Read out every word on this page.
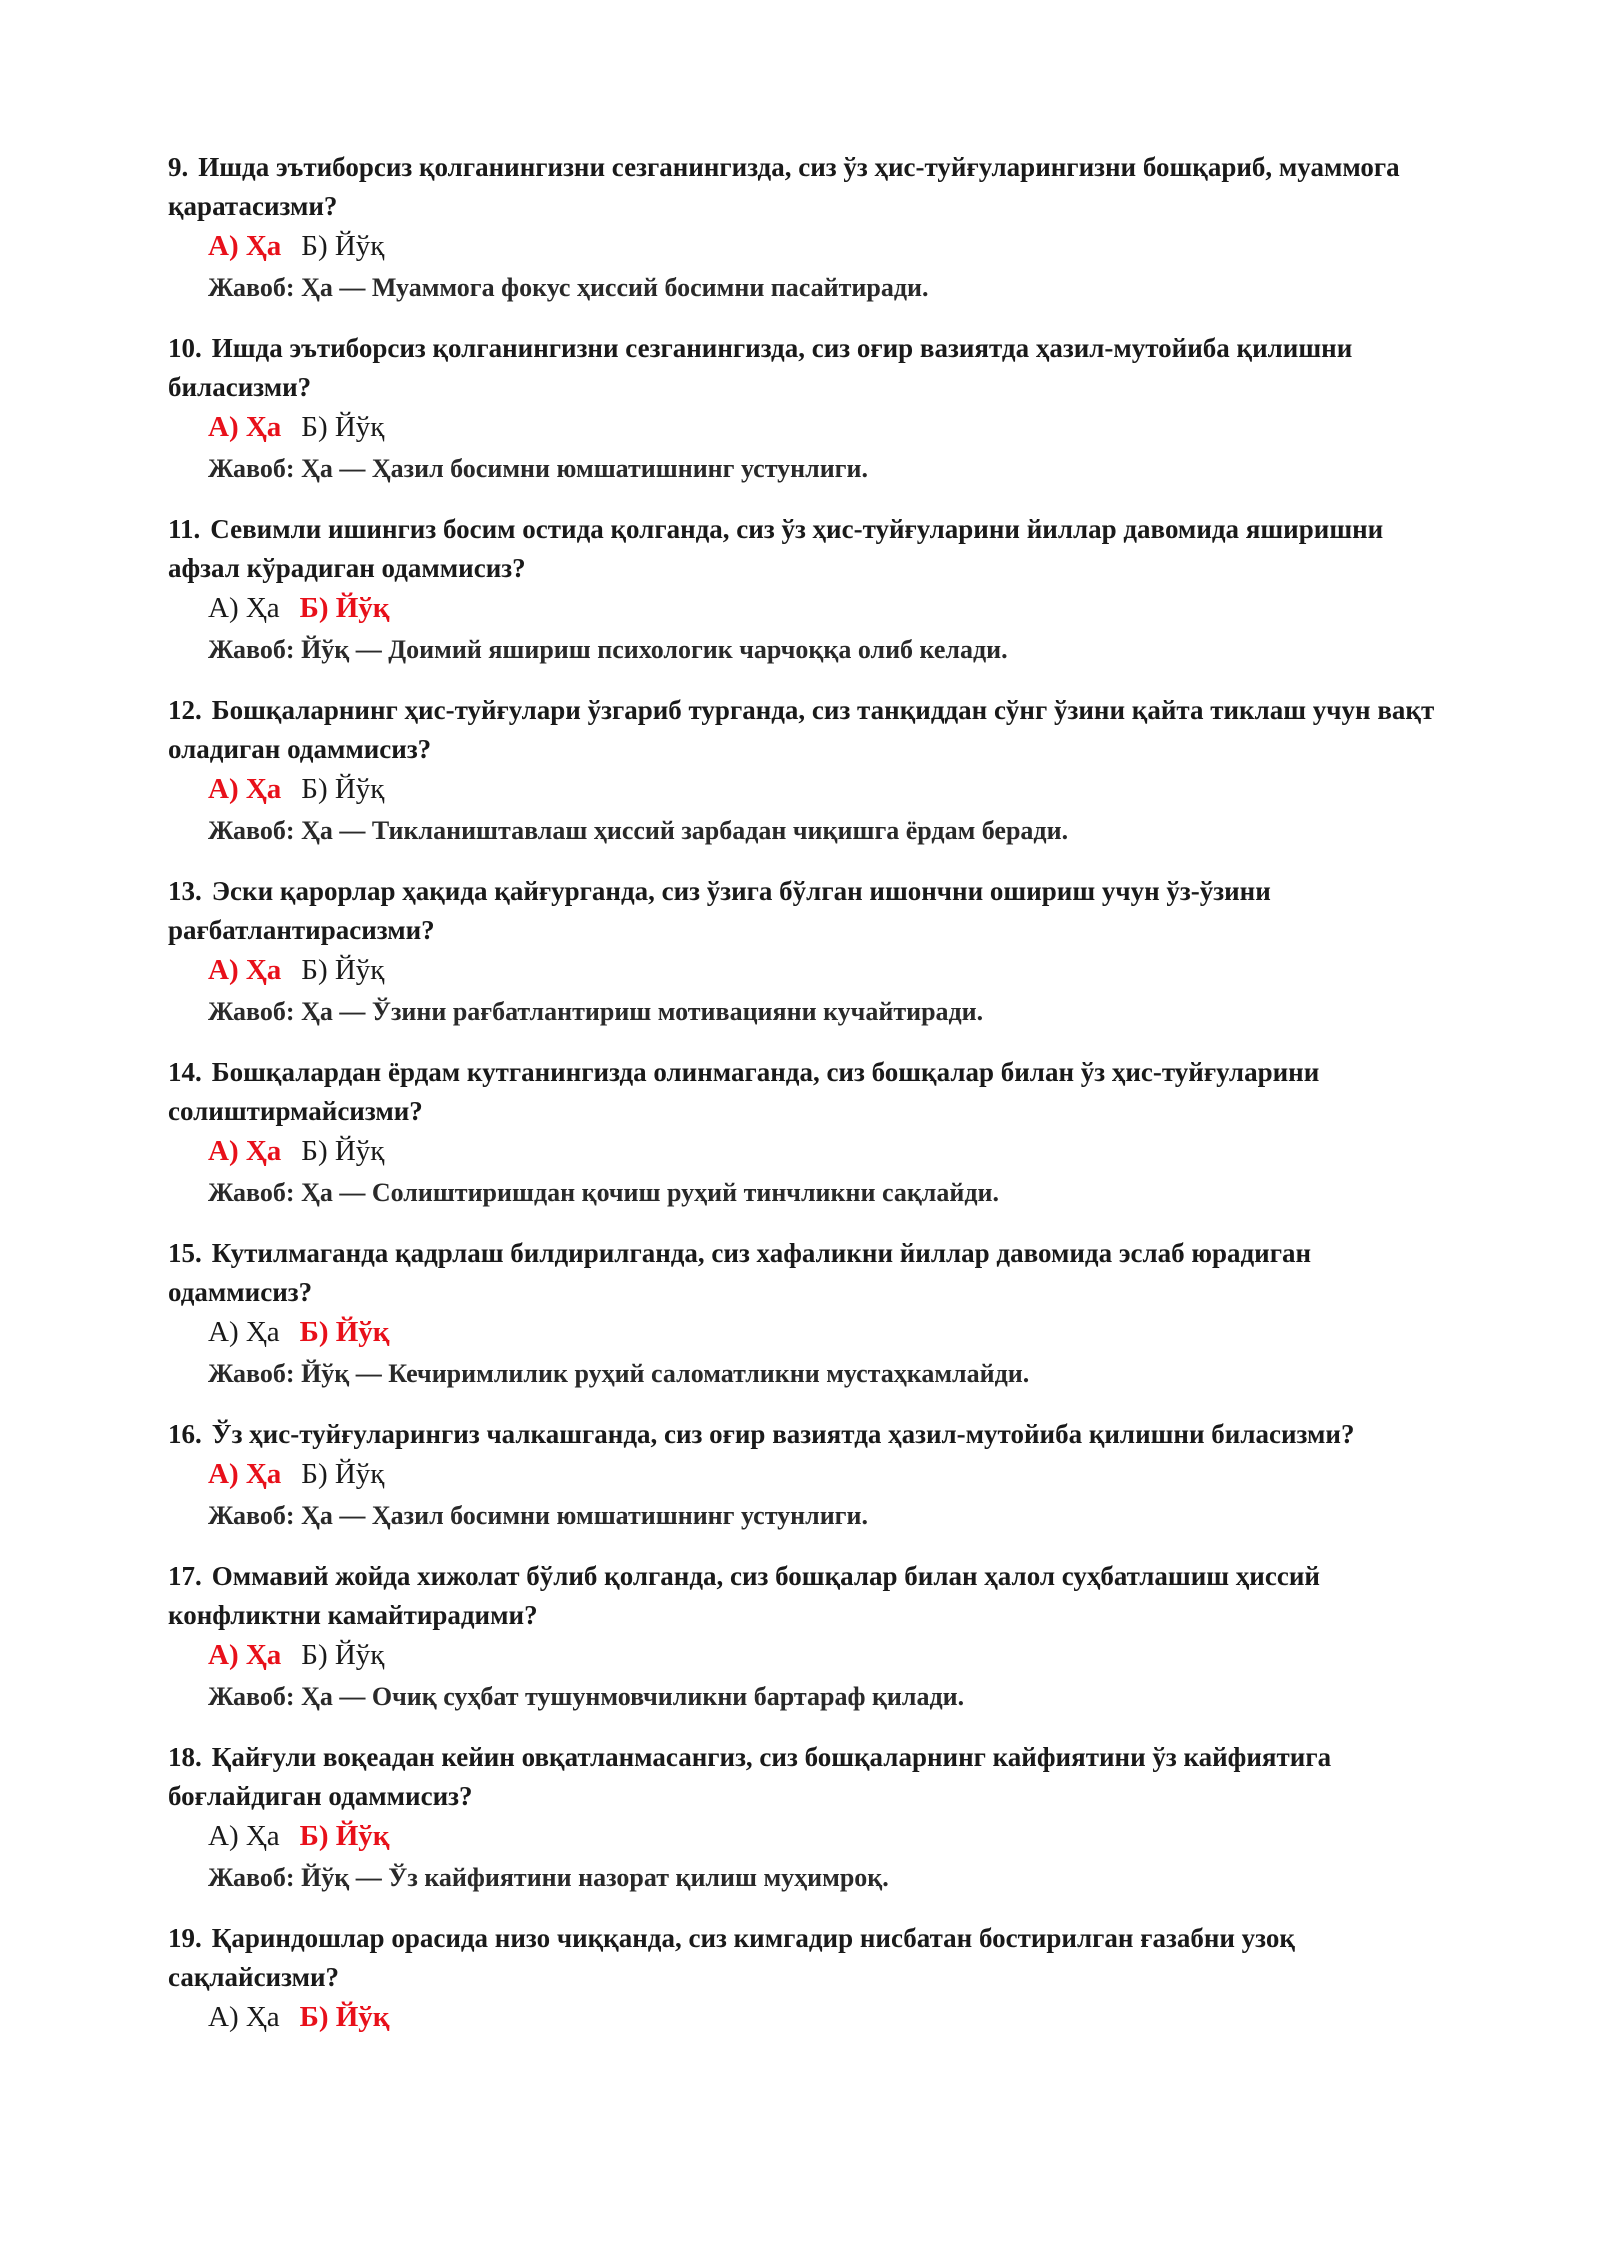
9. Ишда эътиборсиз қолганингизни сезганингизда, сиз ўз ҳис-туйғуларингизни бошқариб, муаммога қаратасизми?

А) Ҳа Б) Йўқ

Жавоб: Ҳа — Муаммога фокус ҳиссий босимни пасайтиради.

10. Ишда эътиборсиз қолганингизни сезганингизда, сиз оғир вазиятда ҳазил-мутойиба қилишни биласизми?

А) Ҳа Б) Йўқ

Жавоб: Ҳа — Ҳазил босимни юмшатишнинг устунлиги.

11. Севимли ишингиз босим остида қолганда, сиз ўз ҳис-туйғуларини йиллар давомида яширишни афзал кўрадиган одаммисиз?

А) Ҳа Б) Йўқ

Жавоб: Йўқ — Доимий яшириш психологик чарчоққа олиб келади.

12. Бошқаларнинг ҳис-туйғулари ўзгариб турганда, сиз танқиддан сўнг ўзини қайта тиклаш учун вақт оладиган одаммисиз?

А) Ҳа Б) Йўқ

Жавоб: Ҳа — Тиклаништавлаш ҳиссий зарбадан чиқишга ёрдам беради.

13. Эски қарорлар ҳақида қайғурганда, сиз ўзига бўлган ишончни ошириш учун ўз-ўзини рағбатлантирасизми?

А) Ҳа Б) Йўқ

Жавоб: Ҳа — Ўзини рағбатлантириш мотивацияни кучайтиради.

14. Бошқалардан ёрдам кутганингизда олинмаганда, сиз бошқалар билан ўз ҳис-туйғуларини солиштирмайсизми?

А) Ҳа Б) Йўқ

Жавоб: Ҳа — Солиштиришдан қочиш руҳий тинчликни сақлайди.

15. Кутилмаганда қадрлаш билдирилганда, сиз хафаликни йиллар давомида эслаб юрадиган одаммисиз?

А) Ҳа Б) Йўқ

Жавоб: Йўқ — Кечиримлилик руҳий саломатликни мустаҳкамлайди.

16. Ўз ҳис-туйғуларингиз чалкашганда, сиз оғир вазиятда ҳазил-мутойиба қилишни биласизми?

А) Ҳа Б) Йўқ

Жавоб: Ҳа — Ҳазил босимни юмшатишнинг устунлиги.

17. Оммавий жойда хижолат бўлиб қолганда, сиз бошқалар билан ҳалол суҳбатлашиш ҳиссий конфликтни камайтирадими?

А) Ҳа Б) Йўқ

Жавоб: Ҳа — Очиқ суҳбат тушунмовчиликни бартараф қилади.

18. Қайғули воқеадан кейин овқатланмасангиз, сиз бошқаларнинг кайфиятини ўз кайфиятига боғлайдиган одаммисиз?

А) Ҳа Б) Йўқ

Жавоб: Йўқ — Ўз кайфиятини назорат қилиш муҳимроқ.

19. Қариндошлар орасида низо чиққанда, сиз кимгадир нисбатан бостирилган ғазабни узоқ сақлайсизми?

А) Ҳа Б) Йўқ
